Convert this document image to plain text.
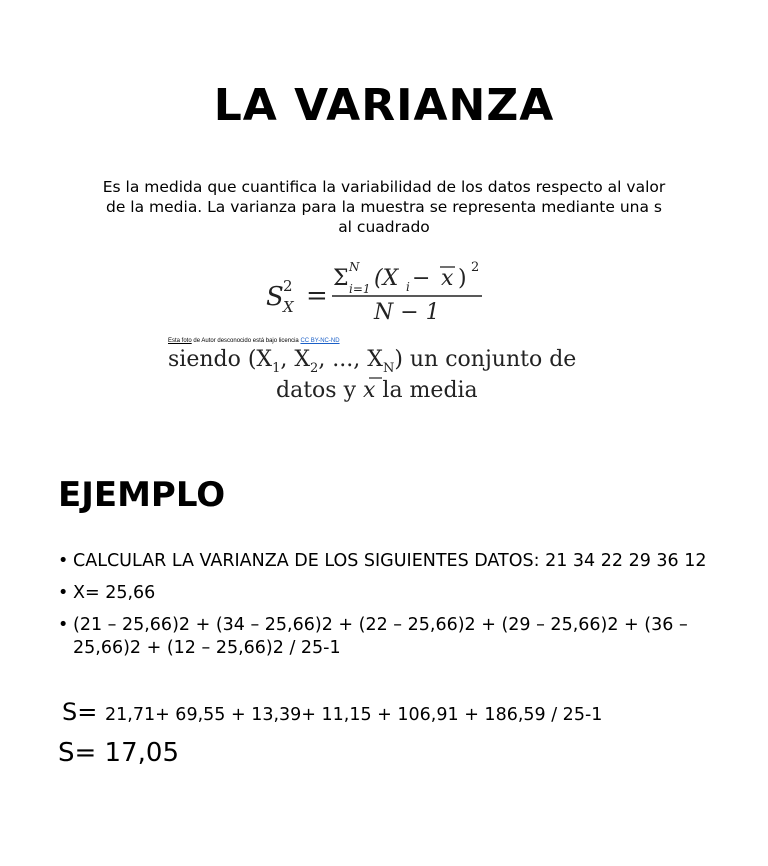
LA VARIANZA

Es la medida que cuantifica la variabilidad de los datos respecto al valor de la media. La varianza para la muestra se representa mediante una s al cuadrado

S 2
X =
Σ N
i=1 (X i − x ) 2
N − 1
siendo ($X_1$, $X_2$, ..., $X_N$) un conjunto de
datos y x la media
Esta foto de Autor desconocido está bajo licencia CC BY-NC-ND
EJEMPLO
• CALCULAR LA VARIANZA DE LOS SIGUIENTES DATOS: 21 34 22 29 36 12
• X= 25,66
• (21 – 25,66)2 + (34 – 25,66)2 + (22 – 25,66)2 + (29 – 25,66)2 + (36 – 25,66)2 + (12 – 25,66)2 / 25-1
S= 21,71+ 69,55 + 13,39+ 11,15 + 106,91 + 186,59 / 25-1
S= 17,05
